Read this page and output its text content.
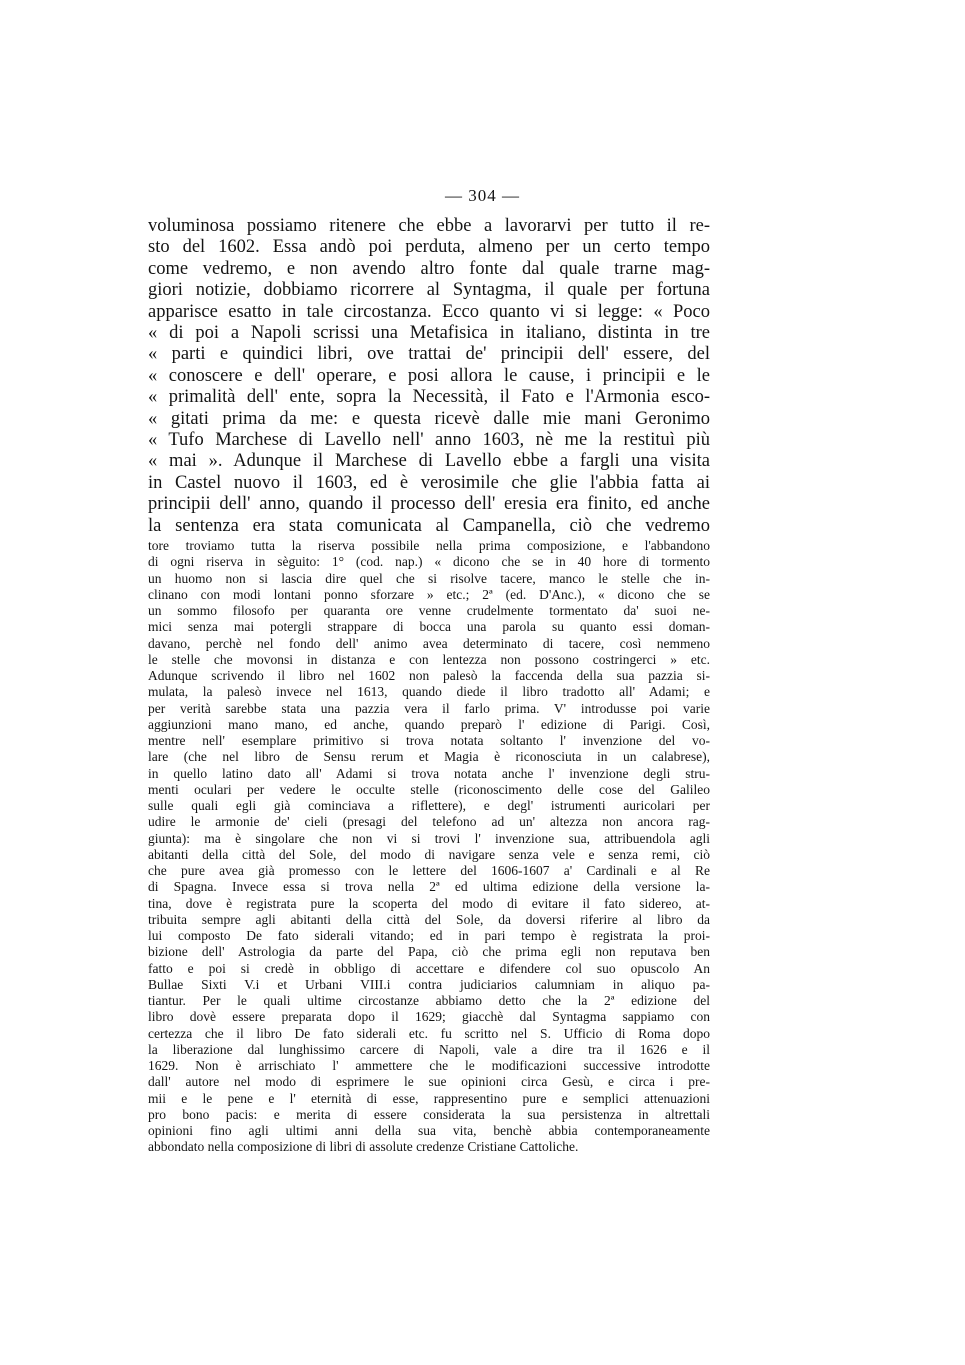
— 304 —
voluminosa possiamo ritenere che ebbe a lavorarvi per tutto il re-
sto del 1602. Essa andò poi perduta, almeno per un certo tempo
come vedremo, e non avendo altro fonte dal quale trarne mag-
giori notizie, dobbiamo ricorrere al Syntagma, il quale per fortuna
apparisce esatto in tale circostanza. Ecco quanto vi si legge: « Poco
« di poi a Napoli scrissi una Metafisica in italiano, distinta in tre
« parti e quindici libri, ove trattai de' principii dell' essere, del
« conoscere e dell' operare, e posi allora le cause, i principii e le
« primalità dell' ente, sopra la Necessità, il Fato e l'Armonia esco-
« gitati prima da me: e questa ricevè dalle mie mani Geronimo
« Tufo Marchese di Lavello nell' anno 1603, nè me la restituì più
« mai ». Adunque il Marchese di Lavello ebbe a fargli una visita
in Castel nuovo il 1603, ed è verosimile che glie l'abbia fatta ai
principii dell' anno, quando il processo dell' eresia era finito, ed anche
la sentenza era stata comunicata al Campanella, ciò che vedremo
tore troviamo tutta la riserva possibile nella prima composizione, e l'abbandono
di ogni riserva in sèguito: 1° (cod. nap.) « dicono che se in 40 hore di tormento
un huomo non si lascia dire quel che si risolve tacere, manco le stelle che in-
clinano con modi lontani ponno sforzare » etc.; 2ª (ed. D'Anc.), « dicono che se
un sommo filosofo per quaranta ore venne crudelmente tormentato da' suoi ne-
mici senza mai potergli strappare di bocca una parola su quanto essi doman-
davano, perchè nel fondo dell' animo avea determinato di tacere, così nemmeno
le stelle che movonsi in distanza e con lentezza non possono costringerci » etc.
Adunque scrivendo il libro nel 1602 non palesò la faccenda della sua pazzia si-
mulata, la palesò invece nel 1613, quando diede il libro tradotto all' Adami; e
per verità sarebbe stata una pazzia vera il farlo prima. V' introdusse poi varie
aggiunzioni mano mano, ed anche, quando preparò l' edizione di Parigi. Così,
mentre nell' esemplare primitivo si trova notata soltanto l' invenzione del vo-
lare (che nel libro de Sensu rerum et Magia è riconosciuta in un calabrese),
in quello latino dato all' Adami si trova notata anche l' invenzione degli stru-
menti oculari per vedere le occulte stelle (riconoscimento delle cose del Galileo
sulle quali egli già cominciava a riflettere), e degl' istrumenti auricolari per
udire le armonie de' cieli (presagi del telefono ad un' altezza non ancora rag-
giunta): ma è singolare che non vi si trovi l' invenzione sua, attribuendola agli
abitanti della città del Sole, del modo di navigare senza vele e senza remi, ciò
che pure avea già promesso con le lettere del 1606-1607 a' Cardinali e al Re
di Spagna. Invece essa si trova nella 2ª ed ultima edizione della versione la-
tina, dove è registrata pure la scoperta del modo di evitare il fato sidereo, at-
tribuita sempre agli abitanti della città del Sole, da doversi riferire al libro da
lui composto De fato siderali vitando; ed in pari tempo è registrata la proi-
bizione dell' Astrologia da parte del Papa, ciò che prima egli non reputava ben
fatto e poi si credè in obbligo di accettare e difendere col suo opuscolo An
Bullae Sixti V.i et Urbani VIII.i contra judiciarios calumniam in aliquo pa-
tiantur. Per le quali ultime circostanze abbiamo detto che la 2ª edizione del
libro dovè essere preparata dopo il 1629; giacchè dal Syntagma sappiamo con
certezza che il libro De fato siderali etc. fu scritto nel S. Ufficio di Roma dopo
la liberazione dal lunghissimo carcere di Napoli, vale a dire tra il 1626 e il
1629. Non è arrischiato l' ammettere che le modificazioni successive introdotte
dall' autore nel modo di esprimere le sue opinioni circa Gesù, e circa i pre-
mii e le pene e l' eternità di esse, rappresentino pure e semplici attenuazioni
pro bono pacis: e merita di essere considerata la sua persistenza in altrettali
opinioni fino agli ultimi anni della sua vita, benchè abbia contemporaneamente
abbondato nella composizione di libri di assolute credenze Cristiane Cattoliche.
